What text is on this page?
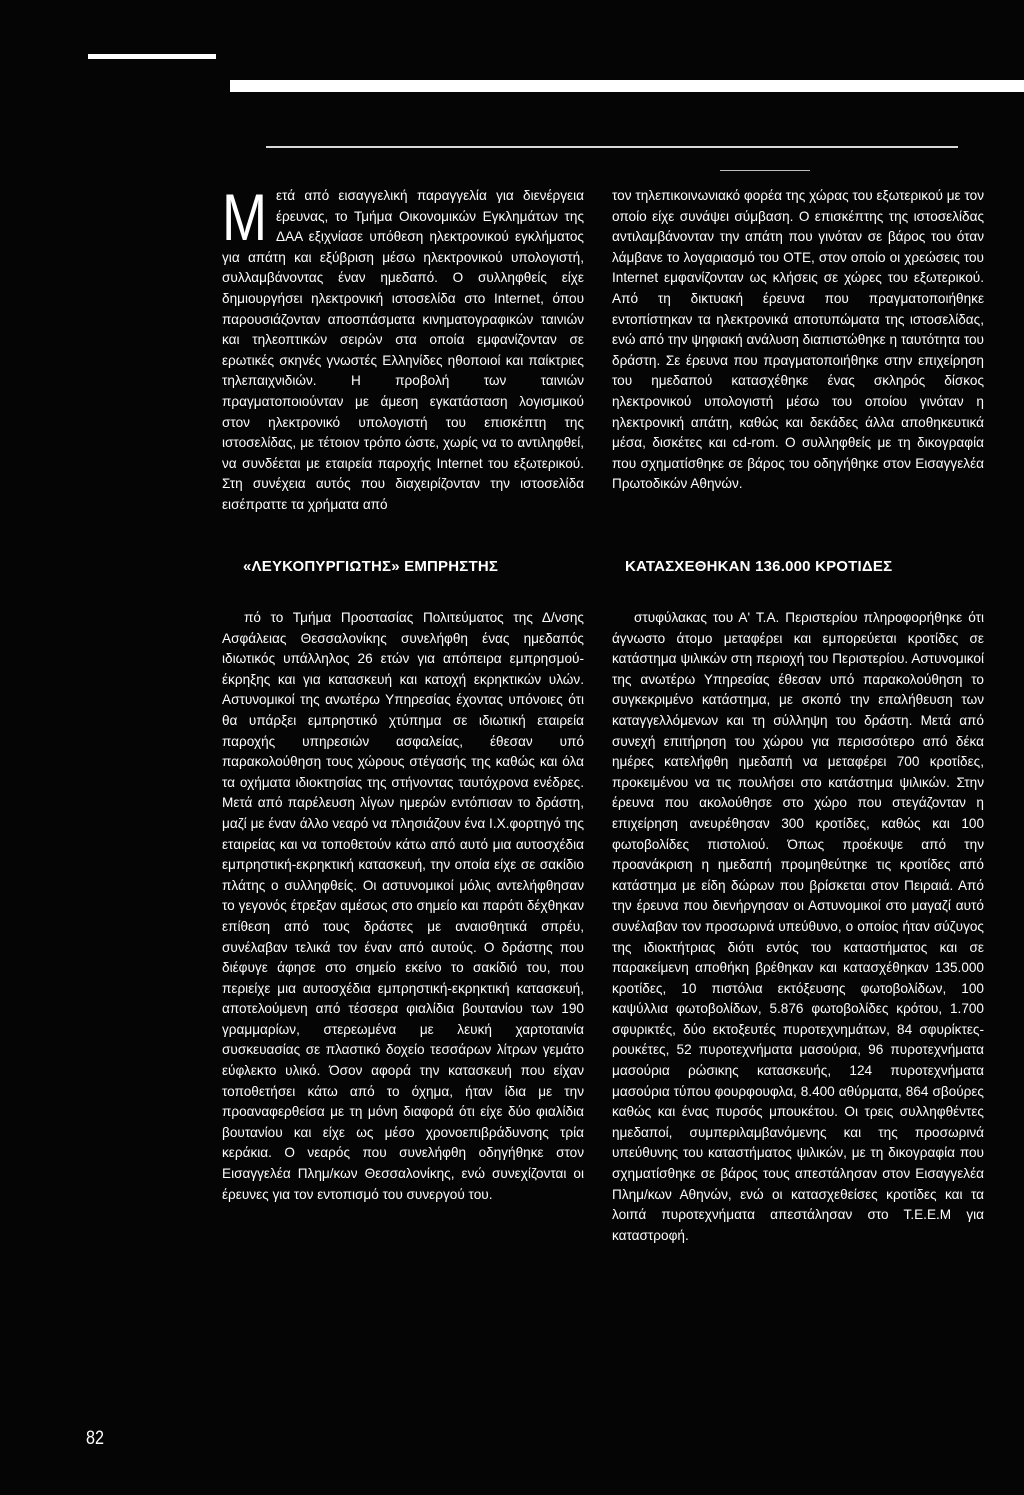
Μετά από εισαγγελική παραγγελία για διενέργεια έρευνας, το Τμήμα Οικονομικών Εγκλημάτων της ΔΑΑ εξιχνίασε υπόθεση ηλεκτρονικού εγκλήματος για απάτη και εξύβριση μέσω ηλεκτρονικού υπολογιστή, συλλαμβάνοντας έναν ημεδαπό. Ο συλληφθείς είχε δημιουργήσει ηλεκτρονική ιστοσελίδα στο Internet, όπου παρουσιάζονταν αποσπάσματα κινηματογραφικών ταινιών και τηλεοπτικών σειρών στα οποία εμφανίζονταν σε ερωτικές σκηνές γνωστές Ελληνίδες ηθοποιοί και παίκτριες τηλεπαιχνιδιών. Η προβολή των ταινιών πραγματοποιούνταν με άμεση εγκατάσταση λογισμικού στον ηλεκτρονικό υπολογιστή του επισκέπτη της ιστοσελίδας, με τέτοιον τρόπο ώστε, χωρίς να το αντιληφθεί, να συνδέεται με εταιρεία παροχής Internet του εξωτερικού. Στη συνέχεια αυτός που διαχειρίζονταν την ιστοσελίδα εισέπραττε τα χρήματα από

τον τηλεπικοινωνιακό φορέα της χώρας του εξωτερικού με τον οποίο είχε συνάψει σύμβαση. Ο επισκέπτης της ιστοσελίδας αντιλαμβάνονταν την απάτη που γινόταν σε βάρος του όταν λάμβανε το λογαριασμό του ΟΤΕ, στον οποίο οι χρεώσεις του Internet εμφανίζονταν ως κλήσεις σε χώρες του εξωτερικού. Από τη δικτυακή έρευνα που πραγματοποιήθηκε εντοπίστηκαν τα ηλεκτρονικά αποτυπώματα της ιστοσελίδας, ενώ από την ψηφιακή ανάλυση διαπιστώθηκε η ταυτότητα του δράστη. Σε έρευνα που πραγματοποιήθηκε στην επιχείρηση του ημεδαπού κατασχέθηκε ένας σκληρός δίσκος ηλεκτρονικού υπολογιστή μέσω του οποίου γινόταν η ηλεκτρονική απάτη, καθώς και δεκάδες άλλα αποθηκευτικά μέσα, δισκέτες και cd-rom. Ο συλληφθείς με τη δικογραφία που σχηματίσθηκε σε βάρος του οδηγήθηκε στον Εισαγγελέα Πρωτοδικών Αθηνών.

«ΛΕΥΚΟΠΥΡΓΙΩΤΗΣ» ΕΜΠΡΗΣΤΗΣ	ΚΑΤΑΣΧΕΘΗΚΑΝ 136.000 ΚΡΟΤΙΔΕΣ

πό το Τμήμα Προστασίας Πολιτεύματος της Δ/νσης Ασφάλειας Θεσσαλονίκης συνελήφθη ένας ημεδαπός ιδιωτικός υπάλληλος 26 ετών για απόπειρα εμπρησμού-έκρηξης και για κατασκευή και κατοχή εκρηκτικών υλών. Αστυνομικοί της ανωτέρω Υπηρεσίας έχοντας υπόνοιες ότι θα υπάρξει εμπρηστικό χτύπημα σε ιδιωτική εταιρεία παροχής υπηρεσιών ασφαλείας, έθεσαν υπό παρακολούθηση τους χώρους στέγασής της καθώς και όλα τα οχήματα ιδιοκτησίας της στήνοντας ταυτόχρονα ενέδρες. Μετά από παρέλευση λίγων ημερών εντόπισαν το δράστη, μαζί με έναν άλλο νεαρό να πλησιάζουν ένα Ι.Χ.φορτηγό της εταιρείας και να τοποθετούν κάτω από αυτό μια αυτοσχέδια εμπρηστική-εκρηκτική κατασκευή, την οποία είχε σε σακίδιο πλάτης ο συλληφθείς. Οι αστυνομικοί μόλις αντελήφθησαν το γεγονός έτρεξαν αμέσως στο σημείο και παρότι δέχθηκαν επίθεση από τους δράστες με αναισθητικά σπρέυ, συνέλαβαν τελικά τον έναν από αυτούς. Ο δράστης που διέφυγε άφησε στο σημείο εκείνο το σακίδιό του, που περιείχε μια αυτοσχέδια εμπρηστική-εκρηκτική κατασκευή, αποτελούμενη από τέσσερα φιαλίδια βουτανίου των 190 γραμμαρίων, στερεωμένα με λευκή χαρτοταινία συσκευασίας σε πλαστικό δοχείο τεσσάρων λίτρων γεμάτο εύφλεκτο υλικό. Όσον αφορά την κατασκευή που είχαν τοποθετήσει κάτω από το όχημα, ήταν ίδια με την προαναφερθείσα με τη μόνη διαφορά ότι είχε δύο φιαλίδια βουτανίου και είχε ως μέσο χρονοεπιβράδυνσης τρία κεράκια. Ο νεαρός που συνελήφθη οδηγήθηκε στον Εισαγγελέα Πλημ/κων Θεσσαλονίκης, ενώ συνεχίζονται οι έρευνες για τον εντοπισμό του συνεργού του.

στυφύλακας του Α' Τ.Α. Περιστερίου πληροφορήθηκε ότι άγνωστο άτομο μεταφέρει και εμπορεύεται κροτίδες σε κατάστημα ψιλικών στη περιοχή του Περιστερίου. Αστυνομικοί της ανωτέρω Υπηρεσίας έθεσαν υπό παρακολούθηση το συγκεκριμένο κατάστημα, με σκοπό την επαλήθευση των καταγγελλόμενων και τη σύλληψη του δράστη. Μετά από συνεχή επιτήρηση του χώρου για περισσότερο από δέκα ημέρες κατελήφθη ημεδαπή να μεταφέρει 700 κροτίδες, προκειμένου να τις πουλήσει στο κατάστημα ψιλικών. Στην έρευνα που ακολούθησε στο χώρο που στεγάζονταν η επιχείρηση ανευρέθησαν 300 κροτίδες, καθώς και 100 φωτοβολίδες πιστολιού. Όπως προέκυψε από την προανάκριση η ημεδαπή προμηθεύτηκε τις κροτίδες από κατάστημα με είδη δώρων που βρίσκεται στον Πειραιά. Από την έρευνα που διενήργησαν οι Αστυνομικοί στο μαγαζί αυτό συνέλαβαν τον προσωρινά υπεύθυνο, ο οποίος ήταν σύζυγος της ιδιοκτήτριας διότι εντός του καταστήματος και σε παρακείμενη αποθήκη βρέθηκαν και κατασχέθηκαν 135.000 κροτίδες, 10 πιστόλια εκτόξευσης φωτοβολίδων, 100 καψύλλια φωτοβολίδων, 5.876 φωτοβολίδες κρότου, 1.700 σφυρικτές, δύο εκτοξευτές πυροτεχνημάτων, 84 σφυρίκτες-ρουκέτες, 52 πυροτεχνήματα μασούρια, 96 πυροτεχνήματα μασούρια ρώσικης κατασκευής, 124 πυροτεχνήματα μασούρια τύπου φουρφουφλα, 8.400 αθύρματα, 864 σβούρες καθώς και ένας πυρσός μπουκέτου. Οι τρεις συλληφθέντες ημεδαποί, συμπεριλαμβανόμενης και της προσωρινά υπεύθυνης του καταστήματος ψιλικών, με τη δικογραφία που σχηματίσθηκε σε βάρος τους απεστάλησαν στον Εισαγγελέα Πλημ/κων Αθηνών, ενώ οι κατασχεθείσες κροτίδες και τα λοιπά πυροτεχνήματα απεστάλησαν στο Τ.Ε.Ε.Μ για καταστροφή.

82
